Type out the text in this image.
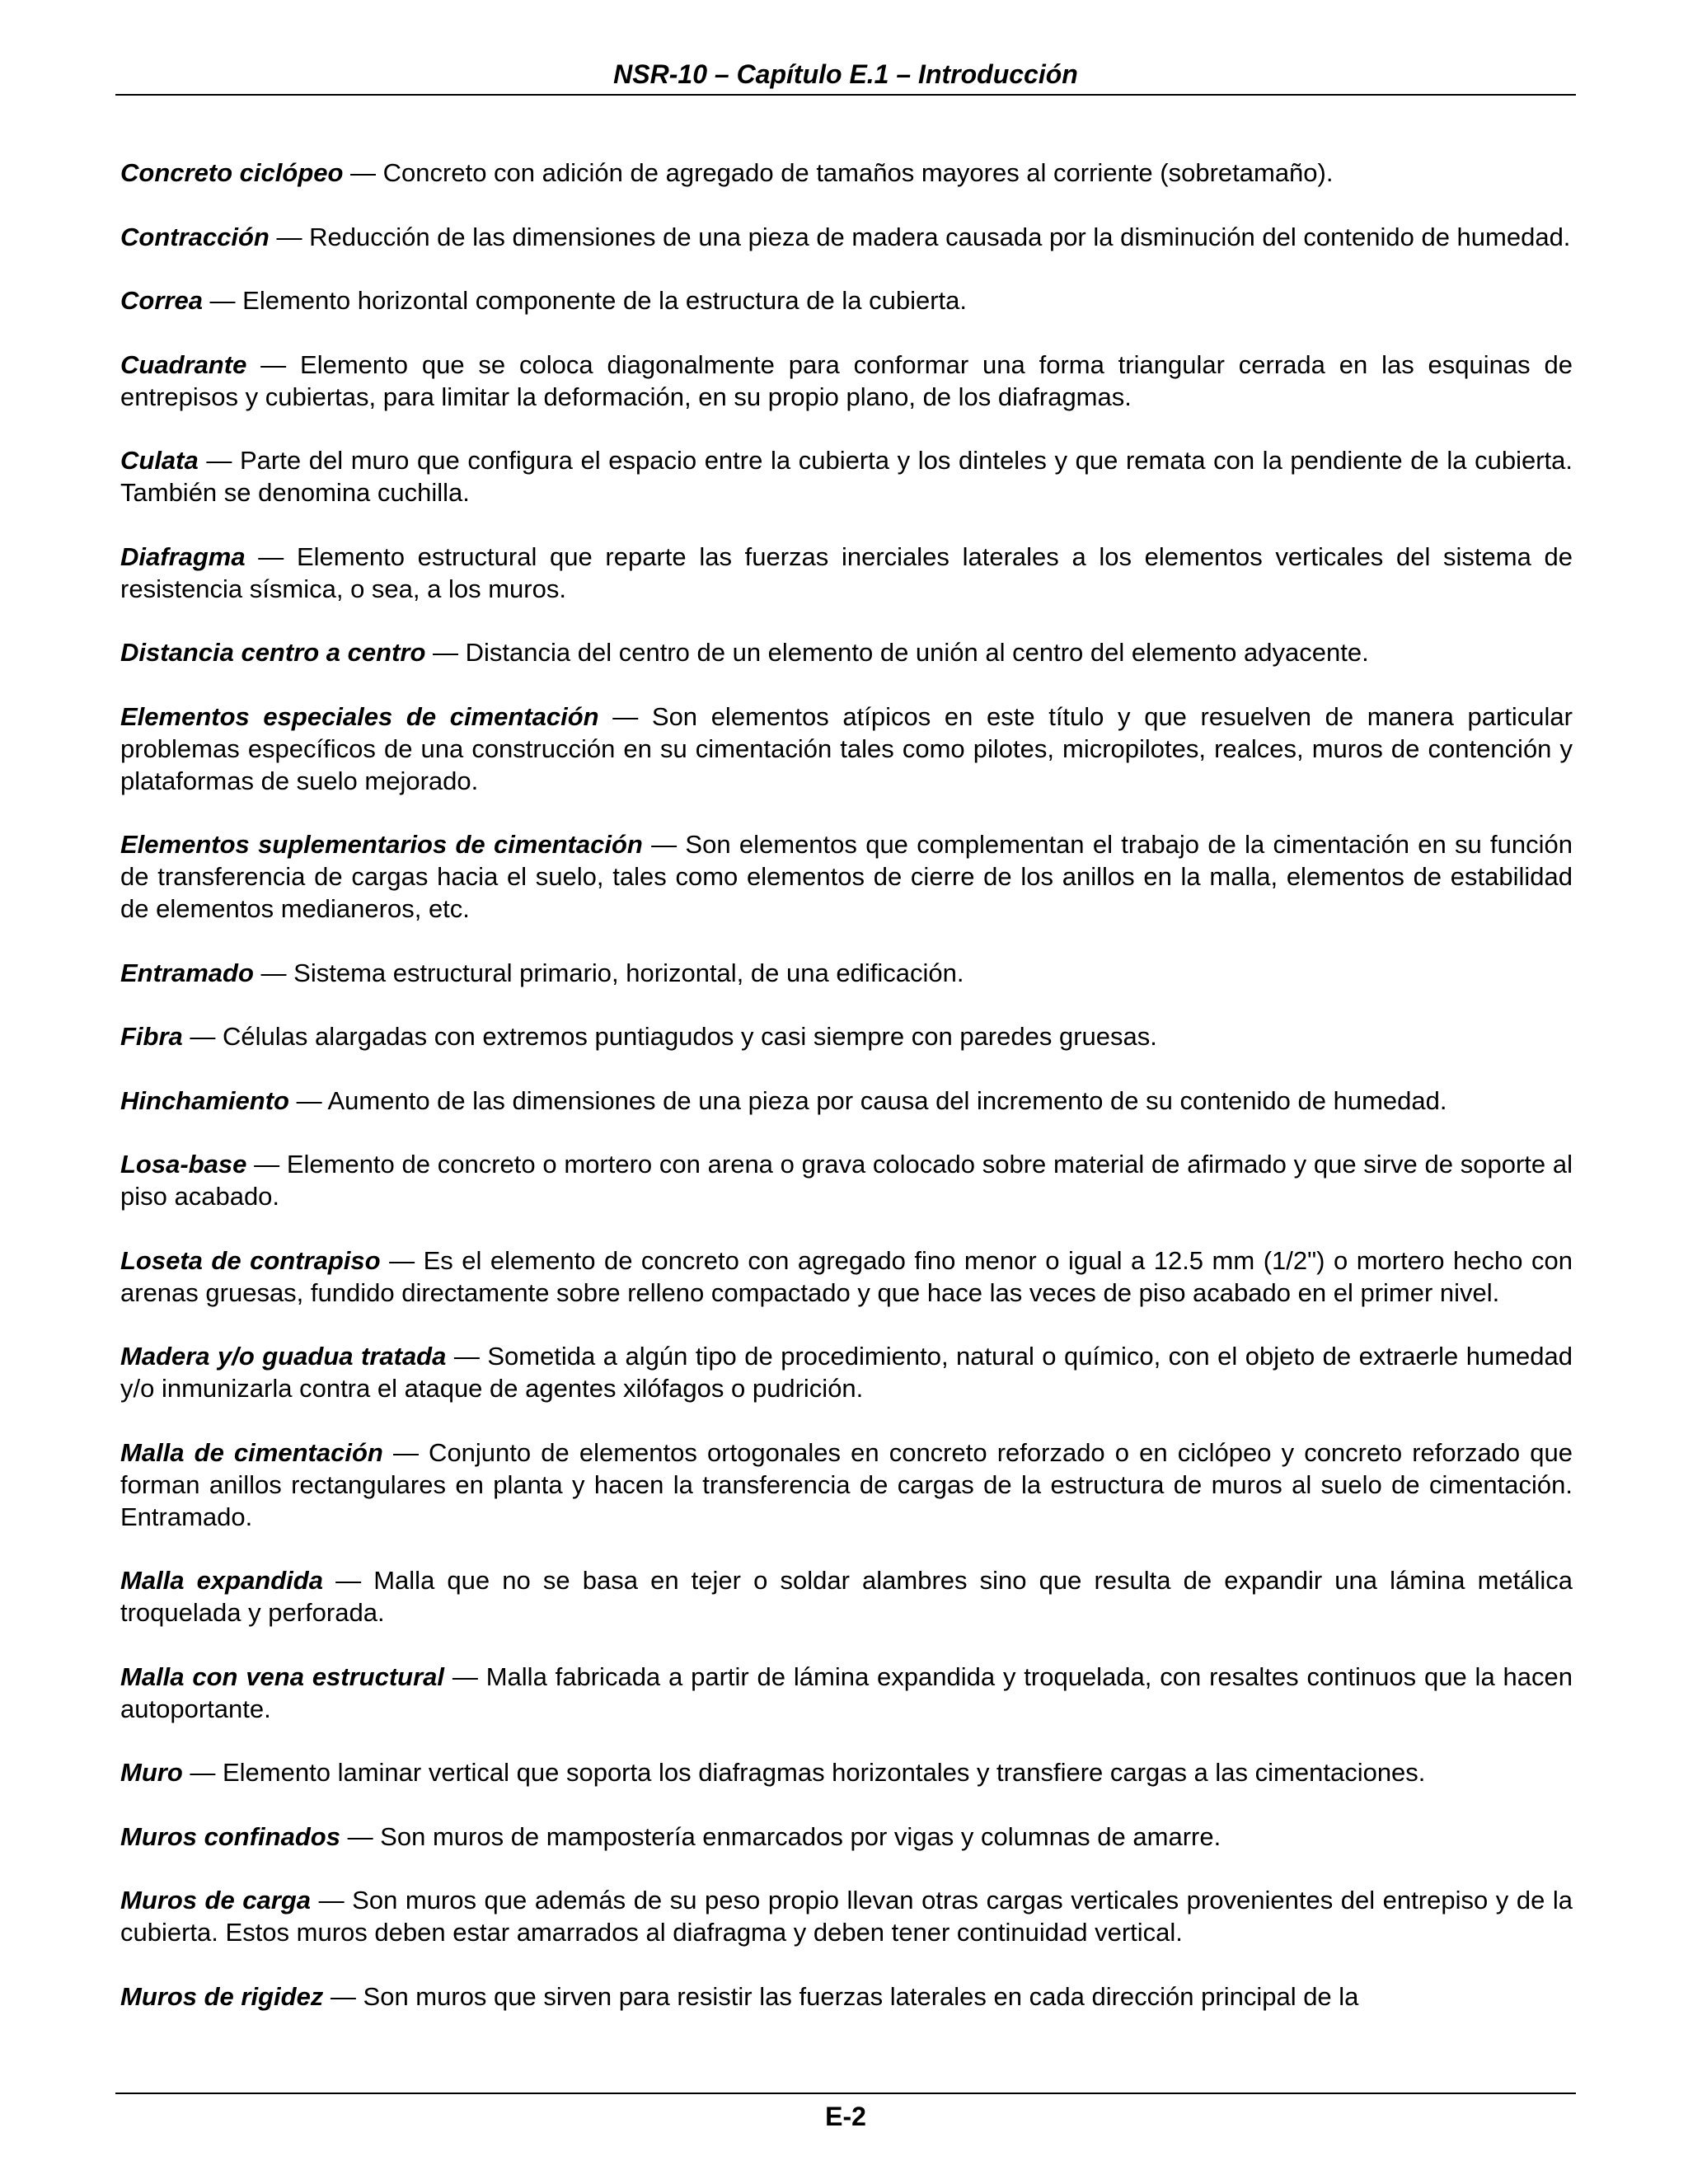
NSR-10 – Capítulo E.1 – Introducción

Concreto ciclópeo — Concreto con adición de agregado de tamaños mayores al corriente (sobretamaño).

Contracción — Reducción de las dimensiones de una pieza de madera causada por la disminución del contenido de humedad.

Correa — Elemento horizontal componente de la estructura de la cubierta.

Cuadrante — Elemento que se coloca diagonalmente para conformar una forma triangular cerrada en las esquinas de entrepisos y cubiertas, para limitar la deformación, en su propio plano, de los diafragmas.

Culata — Parte del muro que configura el espacio entre la cubierta y los dinteles y que remata con la pendiente de la cubierta. También se denomina cuchilla.

Diafragma — Elemento estructural que reparte las fuerzas inerciales laterales a los elementos verticales del sistema de resistencia sísmica, o sea, a los muros.

Distancia centro a centro — Distancia del centro de un elemento de unión al centro del elemento adyacente.

Elementos especiales de cimentación — Son elementos atípicos en este título y que resuelven de manera particular problemas específicos de una construcción en su cimentación tales como pilotes, micropilotes, realces, muros de contención y plataformas de suelo mejorado.

Elementos suplementarios de cimentación — Son elementos que complementan el trabajo de la cimentación en su función de transferencia de cargas hacia el suelo, tales como elementos de cierre de los anillos en la malla, elementos de estabilidad de elementos medianeros, etc.

Entramado — Sistema estructural primario, horizontal, de una edificación.

Fibra — Células alargadas con extremos puntiagudos y casi siempre con paredes gruesas.

Hinchamiento — Aumento de las dimensiones de una pieza por causa del incremento de su contenido de humedad.

Losa-base — Elemento de concreto o mortero con arena o grava colocado sobre material de afirmado y que sirve de soporte al piso acabado.

Loseta de contrapiso — Es el elemento de concreto con agregado fino menor o igual a 12.5 mm (1/2") o mortero hecho con arenas gruesas, fundido directamente sobre relleno compactado y que hace las veces de piso acabado en el primer nivel.

Madera y/o guadua tratada — Sometida a algún tipo de procedimiento, natural o químico, con el objeto de extraerle humedad y/o inmunizarla contra el ataque de agentes xilófagos o pudrición.

Malla de cimentación — Conjunto de elementos ortogonales en concreto reforzado o en ciclópeo y concreto reforzado que forman anillos rectangulares en planta y hacen la transferencia de cargas de la estructura de muros al suelo de cimentación. Entramado.

Malla expandida — Malla que no se basa en tejer o soldar alambres sino que resulta de expandir una lámina metálica troquelada y perforada.

Malla con vena estructural — Malla fabricada a partir de lámina expandida y troquelada, con resaltes continuos que la hacen autoportante.

Muro — Elemento laminar vertical que soporta los diafragmas horizontales y transfiere cargas a las cimentaciones.

Muros confinados — Son muros de mampostería enmarcados por vigas y columnas de amarre.

Muros de carga — Son muros que además de su peso propio llevan otras cargas verticales provenientes del entrepiso y de la cubierta. Estos muros deben estar amarrados al diafragma y deben tener continuidad vertical.

Muros de rigidez — Son muros que sirven para resistir las fuerzas laterales en cada dirección principal de la

E-2
